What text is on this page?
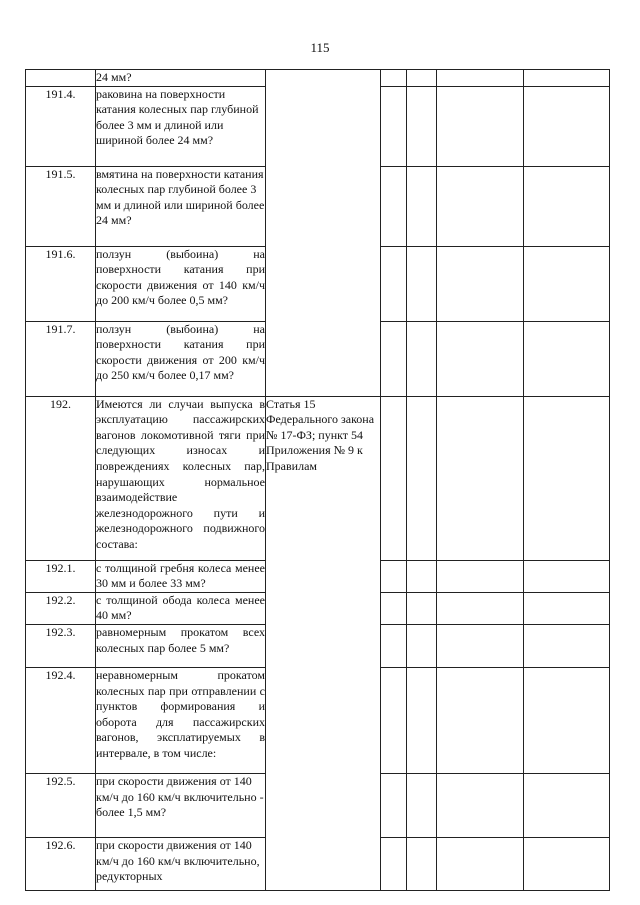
115
	24 мм?					
191.4.	раковина на поверхности катания колесных пар глубиной более 3 мм и длиной или шириной более 24 мм?					
191.5.	вмятина на поверхности катания колесных пар глубиной более 3 мм и длиной или шириной более 24 мм?					
191.6.	ползун (выбоина) на поверхности катания при скорости движения от 140 км/ч до 200 км/ч более 0,5 мм?					
191.7.	ползун (выбоина) на поверхности катания при скорости движения от 200 км/ч до 250 км/ч более 0,17 мм?					
192.	Имеются ли случаи выпуска в эксплуатацию пассажирских вагонов локомотивной тяги при следующих износах и повреждениях колесных пар, нарушающих нормальное взаимодействие железнодорожного пути и железнодорожного подвижного состава:	Статья 15 Федерального закона № 17-ФЗ; пункт 54 Приложения № 9 к Правилам				
192.1.	с толщиной гребня колеса менее 30 мм и более 33 мм?					
192.2.	с толщиной обода колеса менее 40 мм?					
192.3.	равномерным прокатом всех колесных пар более 5 мм?					
192.4.	неравномерным прокатом колесных пар при отправлении с пунктов формирования и оборота для пассажирских вагонов, эксплатируемых в интервале, в том числе:					
192.5.	при скорости движения от 140 км/ч до 160 км/ч включительно - более 1,5 мм?					
192.6.	при скорости движения от 140 км/ч до 160 км/ч включительно, редукторных					
